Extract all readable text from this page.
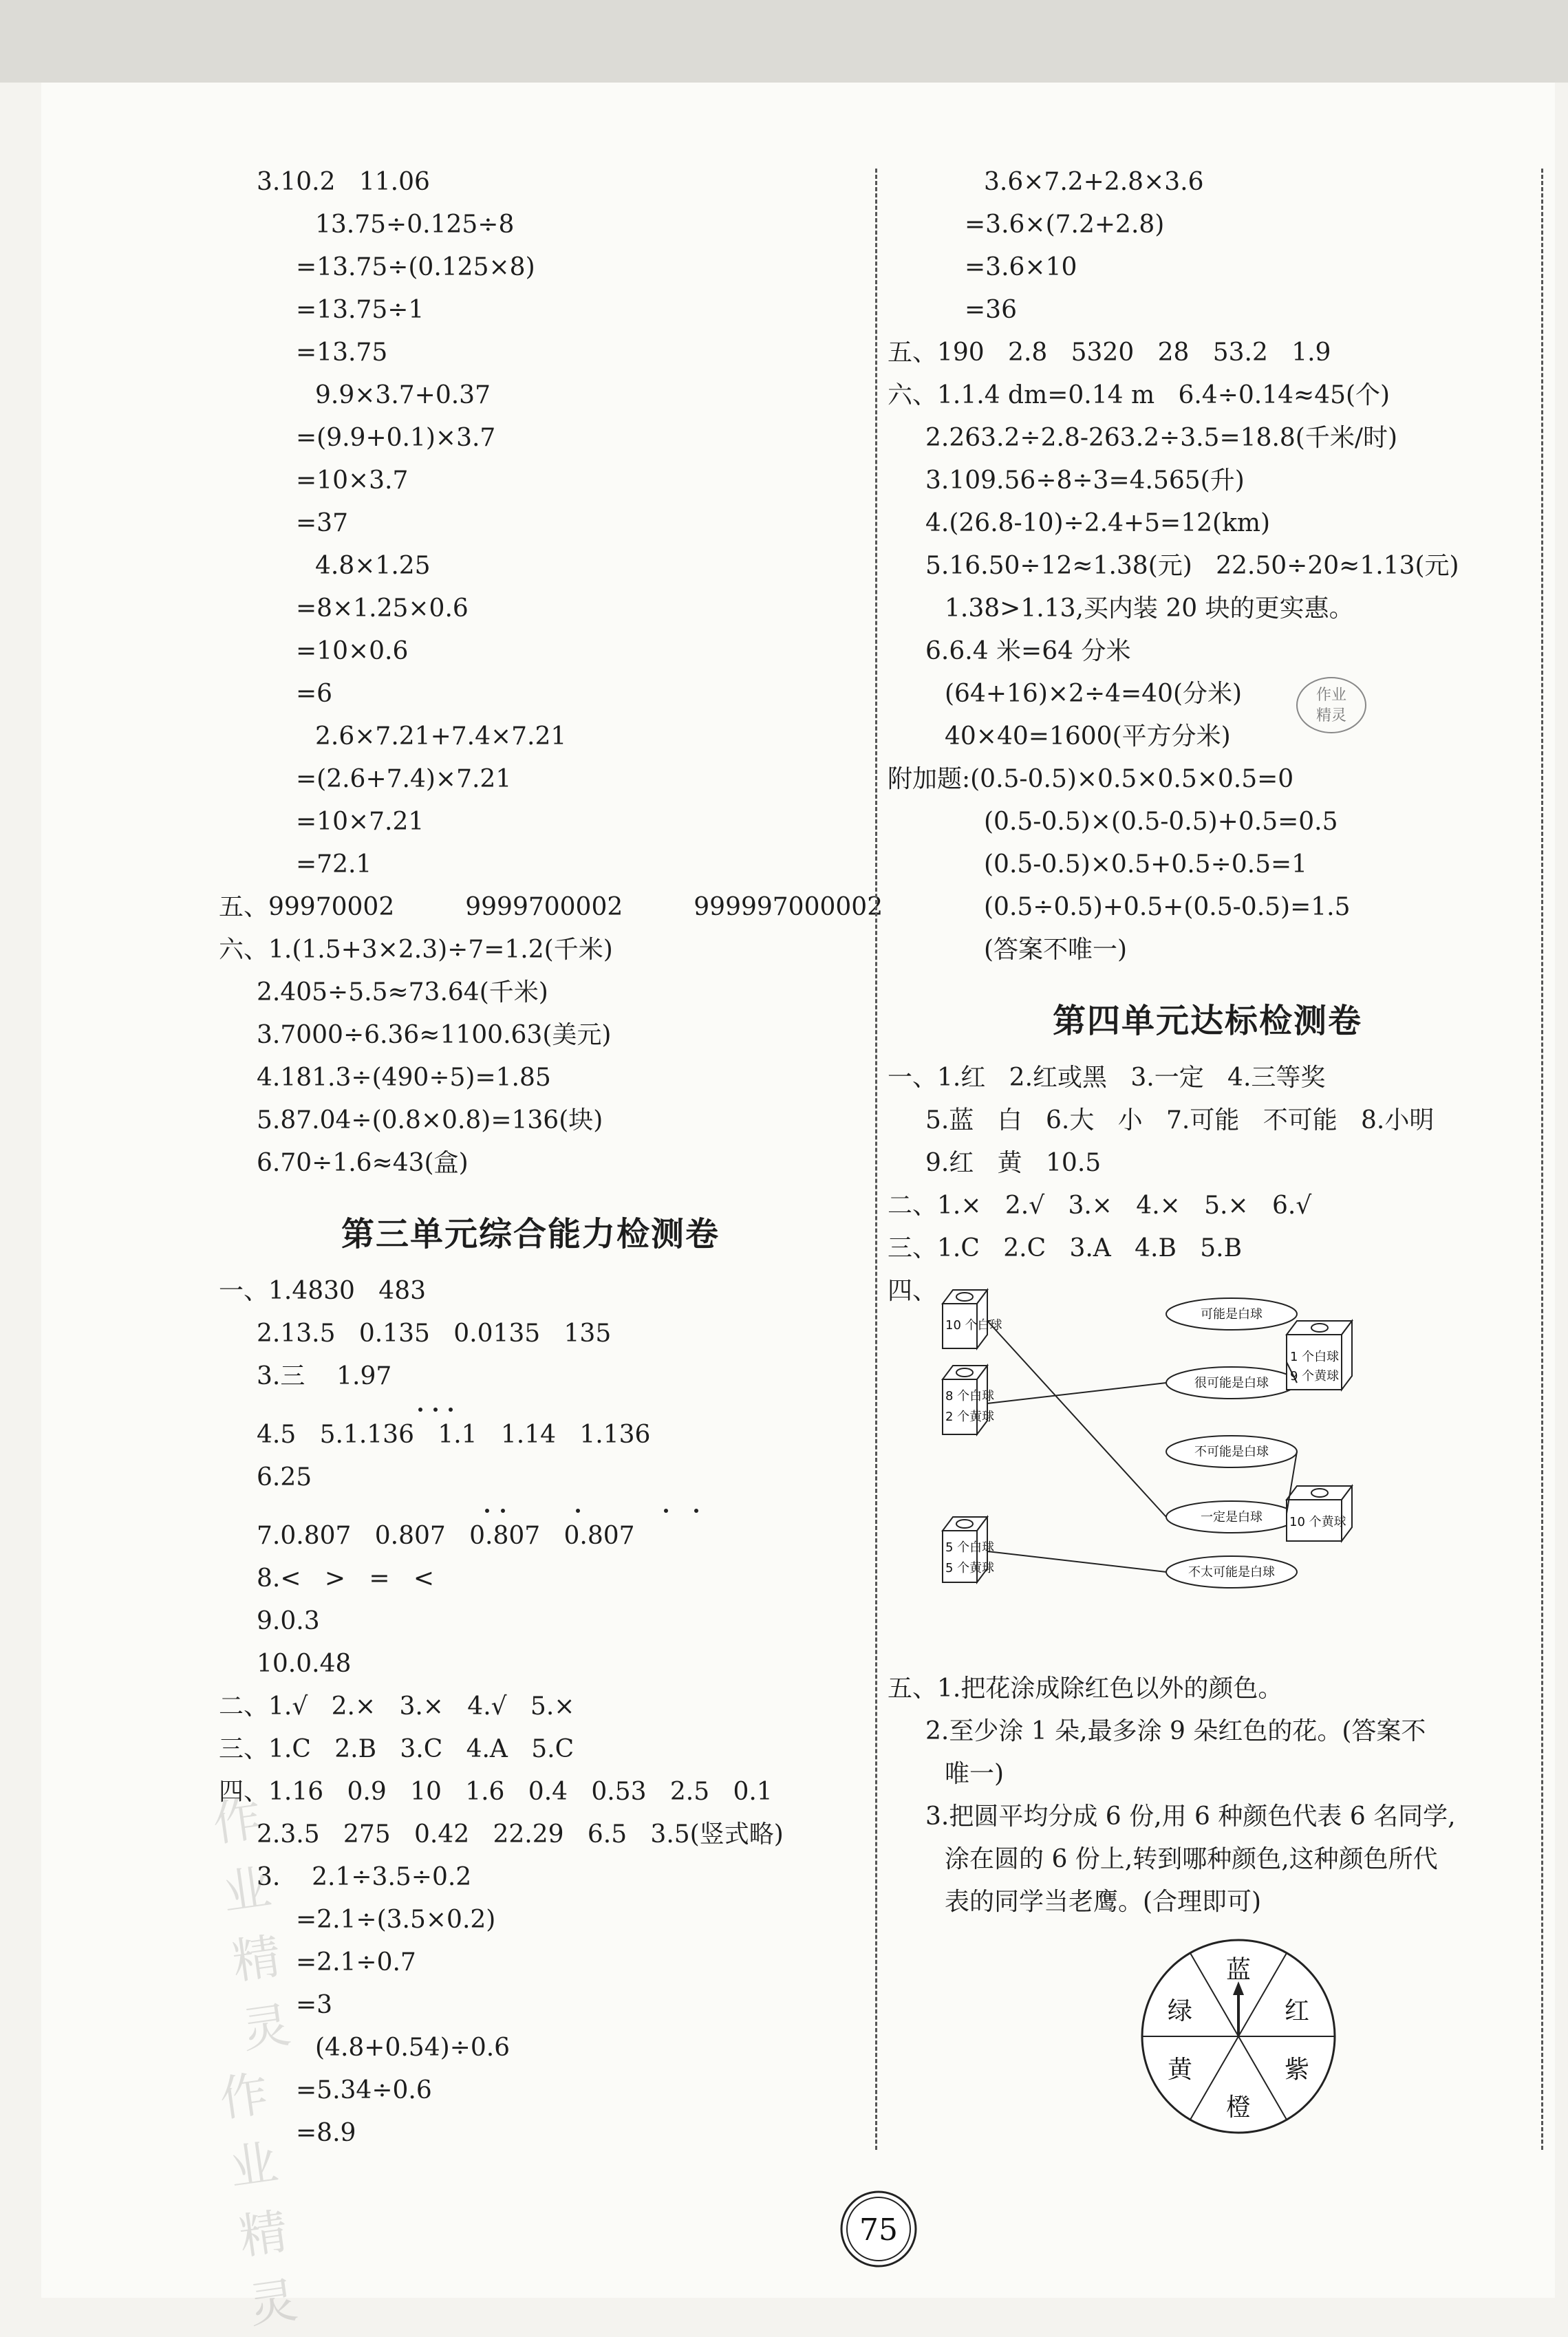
3.10.2   11.06
13.75÷0.125÷8
=13.75÷(0.125×8)
=13.75÷1
=13.75
9.9×3.7+0.37
=(9.9+0.1)×3.7
=10×3.7
=37
4.8×1.25
=8×1.25×0.6
=10×0.6
=6
2.6×7.21+7.4×7.21
=(2.6+7.4)×7.21
=10×7.21
=72.1
五、99970002         9999700002         999997000002
六、1.(1.5+3×2.3)÷7=1.2(千米)
2.405÷5.5≈73.64(千米)
3.7000÷6.36≈1100.63(美元)
4.181.3÷(490÷5)=1.85
5.87.04÷(0.8×0.8)=136(块)
6.70÷1.6≈43(盒)
第三单元综合能力检测卷
一、1.4830   483
2.13.5   0.135   0.0135   135
3.三    1.97
4.5   5.1.136   1.1   1.14   1.136
6.25
7.0.807   0.807   0.807   0.807
8.<   >   =   <
9.0.3
10.0.48
二、1.√   2.×   3.×   4.√   5.×
三、1.C   2.B   3.C   4.A   5.C
四、1.16   0.9   10   1.6   0.4   0.53   2.5   0.1
2.3.5   275   0.42   22.29   6.5   3.5(竖式略)
3.    2.1÷3.5÷0.2
=2.1÷(3.5×0.2)
=2.1÷0.7
=3
(4.8+0.54)÷0.6
=5.34÷0.6
=8.9
作业精灵
作业精灵
3.6×7.2+2.8×3.6
=3.6×(7.2+2.8)
=3.6×10
=36
五、190   2.8   5320   28   53.2   1.9
六、1.1.4 dm=0.14 m   6.4÷0.14≈45(个)
2.263.2÷2.8-263.2÷3.5=18.8(千米/时)
3.109.56÷8÷3=4.565(升)
4.(26.8-10)÷2.4+5=12(km)
5.16.50÷12≈1.38(元)   22.50÷20≈1.13(元)
1.38>1.13,买内装 20 块的更实惠。
6.6.4 米=64 分米
(64+16)×2÷4=40(分米)
40×40=1600(平方分米)
附加题:(0.5-0.5)×0.5×0.5×0.5=0
(0.5-0.5)×(0.5-0.5)+0.5=0.5
(0.5-0.5)×0.5+0.5÷0.5=1
(0.5÷0.5)+0.5+(0.5-0.5)=1.5
(答案不唯一)
作业
精灵
第四单元达标检测卷
一、1.红   2.红或黑   3.一定   4.三等奖
5.蓝   白   6.大   小   7.可能   不可能   8.小明
9.红   黄   10.5
二、1.×   2.√   3.×   4.×   5.×   6.√
三、1.C   2.C   3.A   4.B   5.B
四、
10 个白球
8 个白球
2 个黄球
5 个白球
5 个黄球
可能是白球
很可能是白球
不可能是白球
一定是白球
不太可能是白球
1 个白球
9 个黄球
10 个黄球
五、1.把花涂成除红色以外的颜色。
2.至少涂 1 朵,最多涂 9 朵红色的花。(答案不
唯一)
3.把圆平均分成 6 份,用 6 种颜色代表 6 名同学,
涂在圆的 6 份上,转到哪种颜色,这种颜色所代
表的同学当老鹰。(合理即可)
蓝
红
紫
橙
黄
绿
75
